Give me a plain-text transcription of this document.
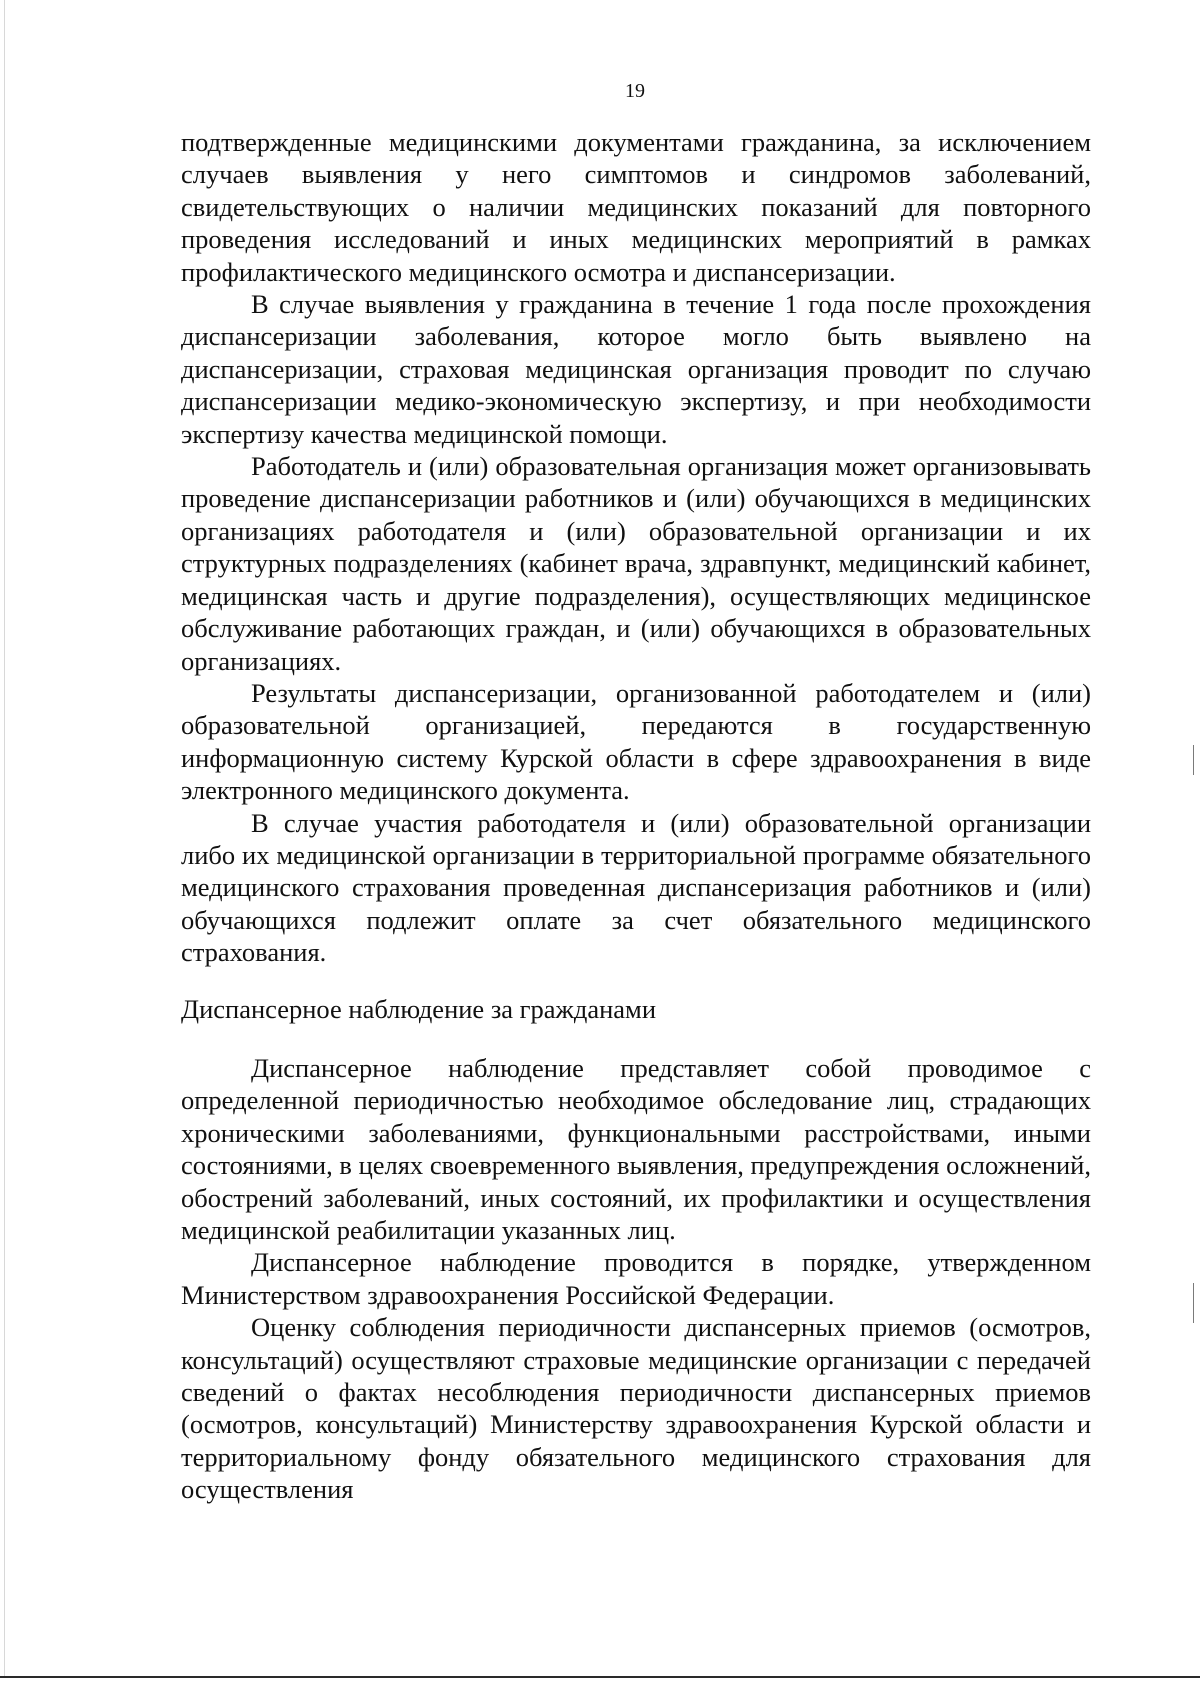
19

подтвержденные медицинскими документами гражданина, за исключением случаев выявления у него симптомов и синдромов заболеваний, свидетельствующих о наличии медицинских показаний для повторного проведения исследований и иных медицинских мероприятий в рамках профилактического медицинского осмотра и диспансеризации.

В случае выявления у гражданина в течение 1 года после прохождения диспансеризации заболевания, которое могло быть выявлено на диспансеризации, страховая медицинская организация проводит по случаю диспансеризации медико-экономическую экспертизу, и при необходимости экспертизу качества медицинской помощи.

Работодатель и (или) образовательная организация может организовывать проведение диспансеризации работников и (или) обучающихся в медицинских организациях работодателя и (или) образовательной организации и их структурных подразделениях (кабинет врача, здравпункт, медицинский кабинет, медицинская часть и другие подразделения), осуществляющих медицинское обслуживание работающих граждан, и (или) обучающихся в образовательных организациях.

Результаты диспансеризации, организованной работодателем и (или) образовательной организацией, передаются в государственную информационную систему Курской области в сфере здравоохранения в виде электронного медицинского документа.

В случае участия работодателя и (или) образовательной организации либо их медицинской организации в территориальной программе обязательного медицинского страхования проведенная диспансеризация работников и (или) обучающихся подлежит оплате за счет обязательного медицинского страхования.

Диспансерное наблюдение за гражданами

Диспансерное наблюдение представляет собой проводимое с определенной периодичностью необходимое обследование лиц, страдающих хроническими заболеваниями, функциональными расстройствами, иными состояниями, в целях своевременного выявления, предупреждения осложнений, обострений заболеваний, иных состояний, их профилактики и осуществления медицинской реабилитации указанных лиц.

Диспансерное наблюдение проводится в порядке, утвержденном Министерством здравоохранения Российской Федерации.

Оценку соблюдения периодичности диспансерных приемов (осмотров, консультаций) осуществляют страховые медицинские организации с передачей сведений о фактах несоблюдения периодичности диспансерных приемов (осмотров, консультаций) Министерству здравоохранения Курской области и территориальному фонду обязательного медицинского страхования для осуществления
